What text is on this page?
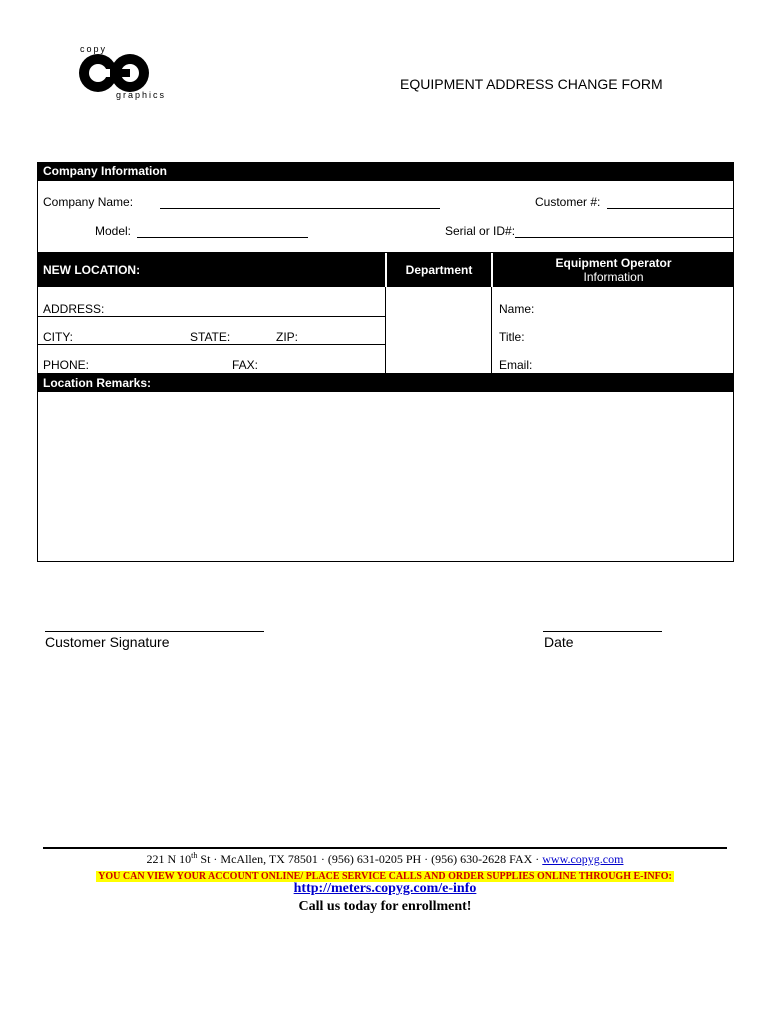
copy
graphics
EQUIPMENT ADDRESS CHANGE FORM
Company Information
Company Name:	Customer #:
Model:	Serial or ID#:
NEW LOCATION:	Department	Equipment Operator
Information
ADDRESS:
CITY:	STATE:	ZIP:
PHONE:	FAX:
Name:
Title:
Email:
Location Remarks:
Customer Signature	Date
221 N 10th St · McAllen, TX 78501 · (956) 631-0205 PH · (956) 630-2628 FAX · www.copyg.com
YOU CAN VIEW YOUR ACCOUNT ONLINE/ PLACE SERVICE CALLS AND ORDER SUPPLIES ONLINE THROUGH E-INFO:
http://meters.copyg.com/e-info
Call us today for enrollment!
